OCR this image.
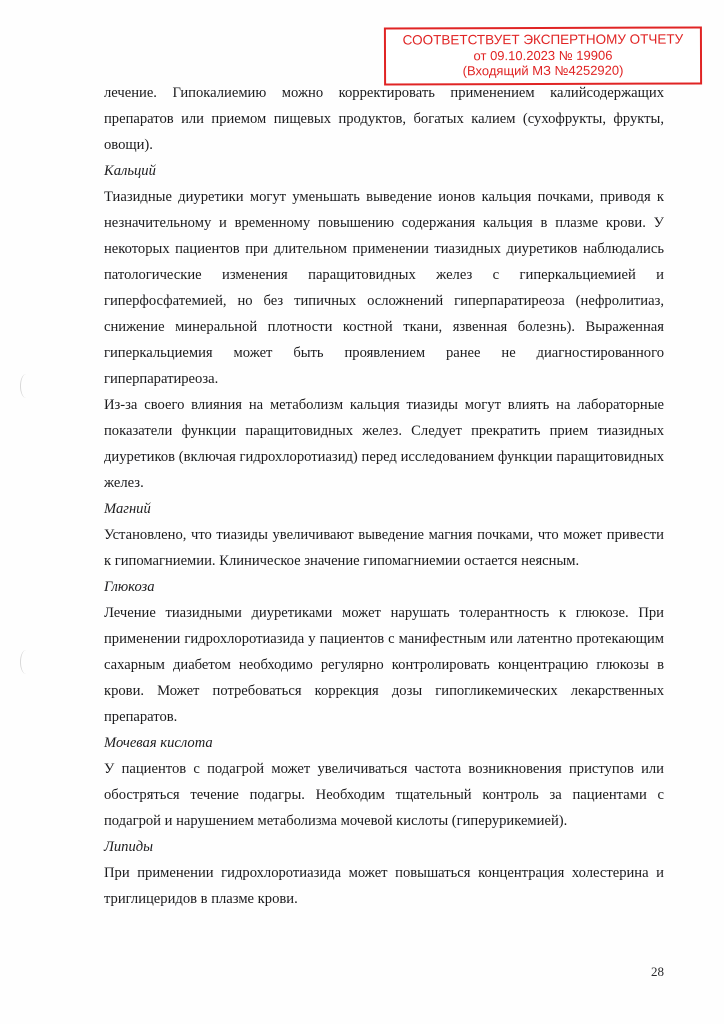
СООТВЕТСТВУЕТ ЭКСПЕРТНОМУ ОТЧЕТУ
от 09.10.2023 № 19906
(Входящий МЗ №4252920)

лечение. Гипокалиемию можно корректировать применением калийсодержащих препаратов или приемом пищевых продуктов, богатых калием (сухофрукты, фрукты, овощи).

Кальций

Тиазидные диуретики могут уменьшать выведение ионов кальция почками, приводя к незначительному и временному повышению содержания кальция в плазме крови. У некоторых пациентов при длительном применении тиазидных диуретиков наблюдались патологические изменения паращитовидных желез с гиперкальциемией и гиперфосфатемией, но без типичных осложнений гиперпаратиреоза (нефролитиаз, снижение минеральной плотности костной ткани, язвенная болезнь). Выраженная гиперкальциемия может быть проявлением ранее не диагностированного гиперпаратиреоза.

Из-за своего влияния на метаболизм кальция тиазиды могут влиять на лабораторные показатели функции паращитовидных желез. Следует прекратить прием тиазидных диуретиков (включая гидрохлоротиазид) перед исследованием функции паращитовидных желез.

Магний

Установлено, что тиазиды увеличивают выведение магния почками, что может привести к гипомагниемии. Клиническое значение гипомагниемии остается неясным.

Глюкоза

Лечение тиазидными диуретиками может нарушать толерантность к глюкозе. При применении гидрохлоротиазида у пациентов с манифестным или латентно протекающим сахарным диабетом необходимо регулярно контролировать концентрацию глюкозы в крови. Может потребоваться коррекция дозы гипогликемических лекарственных препаратов.

Мочевая кислота

У пациентов с подагрой может увеличиваться частота возникновения приступов или обостряться течение подагры. Необходим тщательный контроль за пациентами с подагрой и нарушением метаболизма мочевой кислоты (гиперурикемией).

Липиды

При применении гидрохлоротиазида может повышаться концентрация холестерина и триглицеридов в плазме крови.

28
